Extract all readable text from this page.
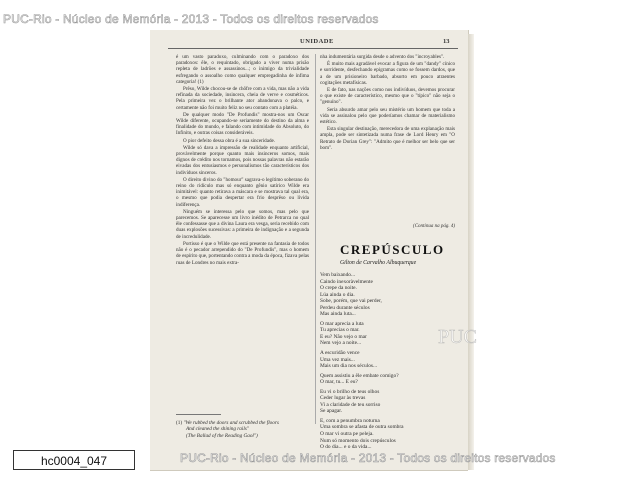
UNIDADE	13

é um vasto paradoxo, culminando com o paradoxo dos paradoxos: êle, o requintado, obrigado a viver numa prisão repleta de ladrões e assassinos...; o inimigo da trivialidade esfregando o assoalho como qualquer empregadinha de ínfima categoria! (1)

Prêso, Wilde chocou-se de chôfre com a vida, mas não a vida refinada da sociedade, insincera, cheia de verve e cosméticos. Pela primeira vez o brilhante ator abandonava o palco, e certamente não foi muito feliz no seu contato com a platéia.

De qualquer modo "De Profundis" mostra-nos um Oscar Wilde diferente, ocupando-se seriamente do destino da alma e finalidade do mundo, e falando com intimidade do Absoluto, do Infinito, e outras coisas consideráveis.

O pior defeito dessa obra é a sua sinceridade.

Wilde só dava a impressão de realidade enquanto artificial, provàvelmente porque quanto mais insinceros somos, mais dignos de crédito nos tornamos, pois nossas palavras não estarão eivadas dos entusiasmos e personalismos tão característicos dos indivíduos sinceros.

O direito divino do "homour" sagrava-o legítimo soberano do reino do ridículo mas só enquanto gênio satírico Wilde era inimitável: quanto retirava a máscara e se mostrava tal qual era, o mesmo que podia despertar era frio desprêso ou lívida indiferença.

Ninguém se interessa pelo que somos, mas pelo que parecemos. Se aparecesse um livro inédito de Petrarca no qual êle confessasse que a divina Laura era vesga, seria recebido com duas explosões sucessivas: a primeira de indignação e a segunda de incredulidade.

Portisso é que o Wilde que está presente na fantasia de todos não é o pecador arrependido do "De Profundis", mas o homem de espírito que, portentando contra a moda da época, fizava pelas ruas de Londres no mais extra-

nha indumentária surgida desde o advento dos "incroyables".

É muito mais agradável evocar a figura de um "dandy" cínico e sorridente, desfechando epigramas como se fossem dardos, que a de um prisioneiro barbado, absorto em pouco atraentes cogitações metafísicas.

E de fato, nas nações como nos indivíduos, devemos procurar o que existe de característico, mesmo que o "típico" não seja o "genuíno".

Seria absurdo amar pelo seu mistério um homem que toda a vida se assinalou pelo que poderíamos chamar de materialismo estético.

Esta singular destinação, merecedora de uma explanação mais ampla, pode ser sintetizada numa frase de Lord Henry em "O Retrato de Dorian Grey": "Admito que é melhor ser belo que ser bom".

(Continua na pág. 4)
CREPÚSCULO
Gilton de Carvalho Albuquerque
Vem baixando...
Caindo inexoràvelmente
O crepe da noite.
Lúa ainda o dia.
Sobe, porém, que vai perder,
Perdeu durante séculos
Mas ainda luta...
O mar aprecia a luta
Tu aprecias o mar.
E eu? Não vejo o mar
Nem vejo a noite...
A escuridão vence
Uma vez mais...
Mais um dia nos séculos...
Quem assistiu a êle embate comigo?
O mar, tu... E eu?
Eu vi o brilho de teus olhos
Ceder lugar às trevas
Vi a claridade de teu sorriso
Se apagar.
E, com a penumbra noturna
Uma sombra se afasta de outra sombra
O mar vi outra pe peleja.
Num só momento dois crepúsculos
O do dia... e o da vida...
(1) "We rubbed the doors and scrubbed the floors
And cleaned the shining rails"
(The Ballad of the Reading Gaol")
PUC-Rio - Núcleo de Memória - 2013 - Todos os direitos reservados
PUC-Rio - Núcleo de Memória - 2013 - Todos os direitos reservados
PUC
hc0004_047
